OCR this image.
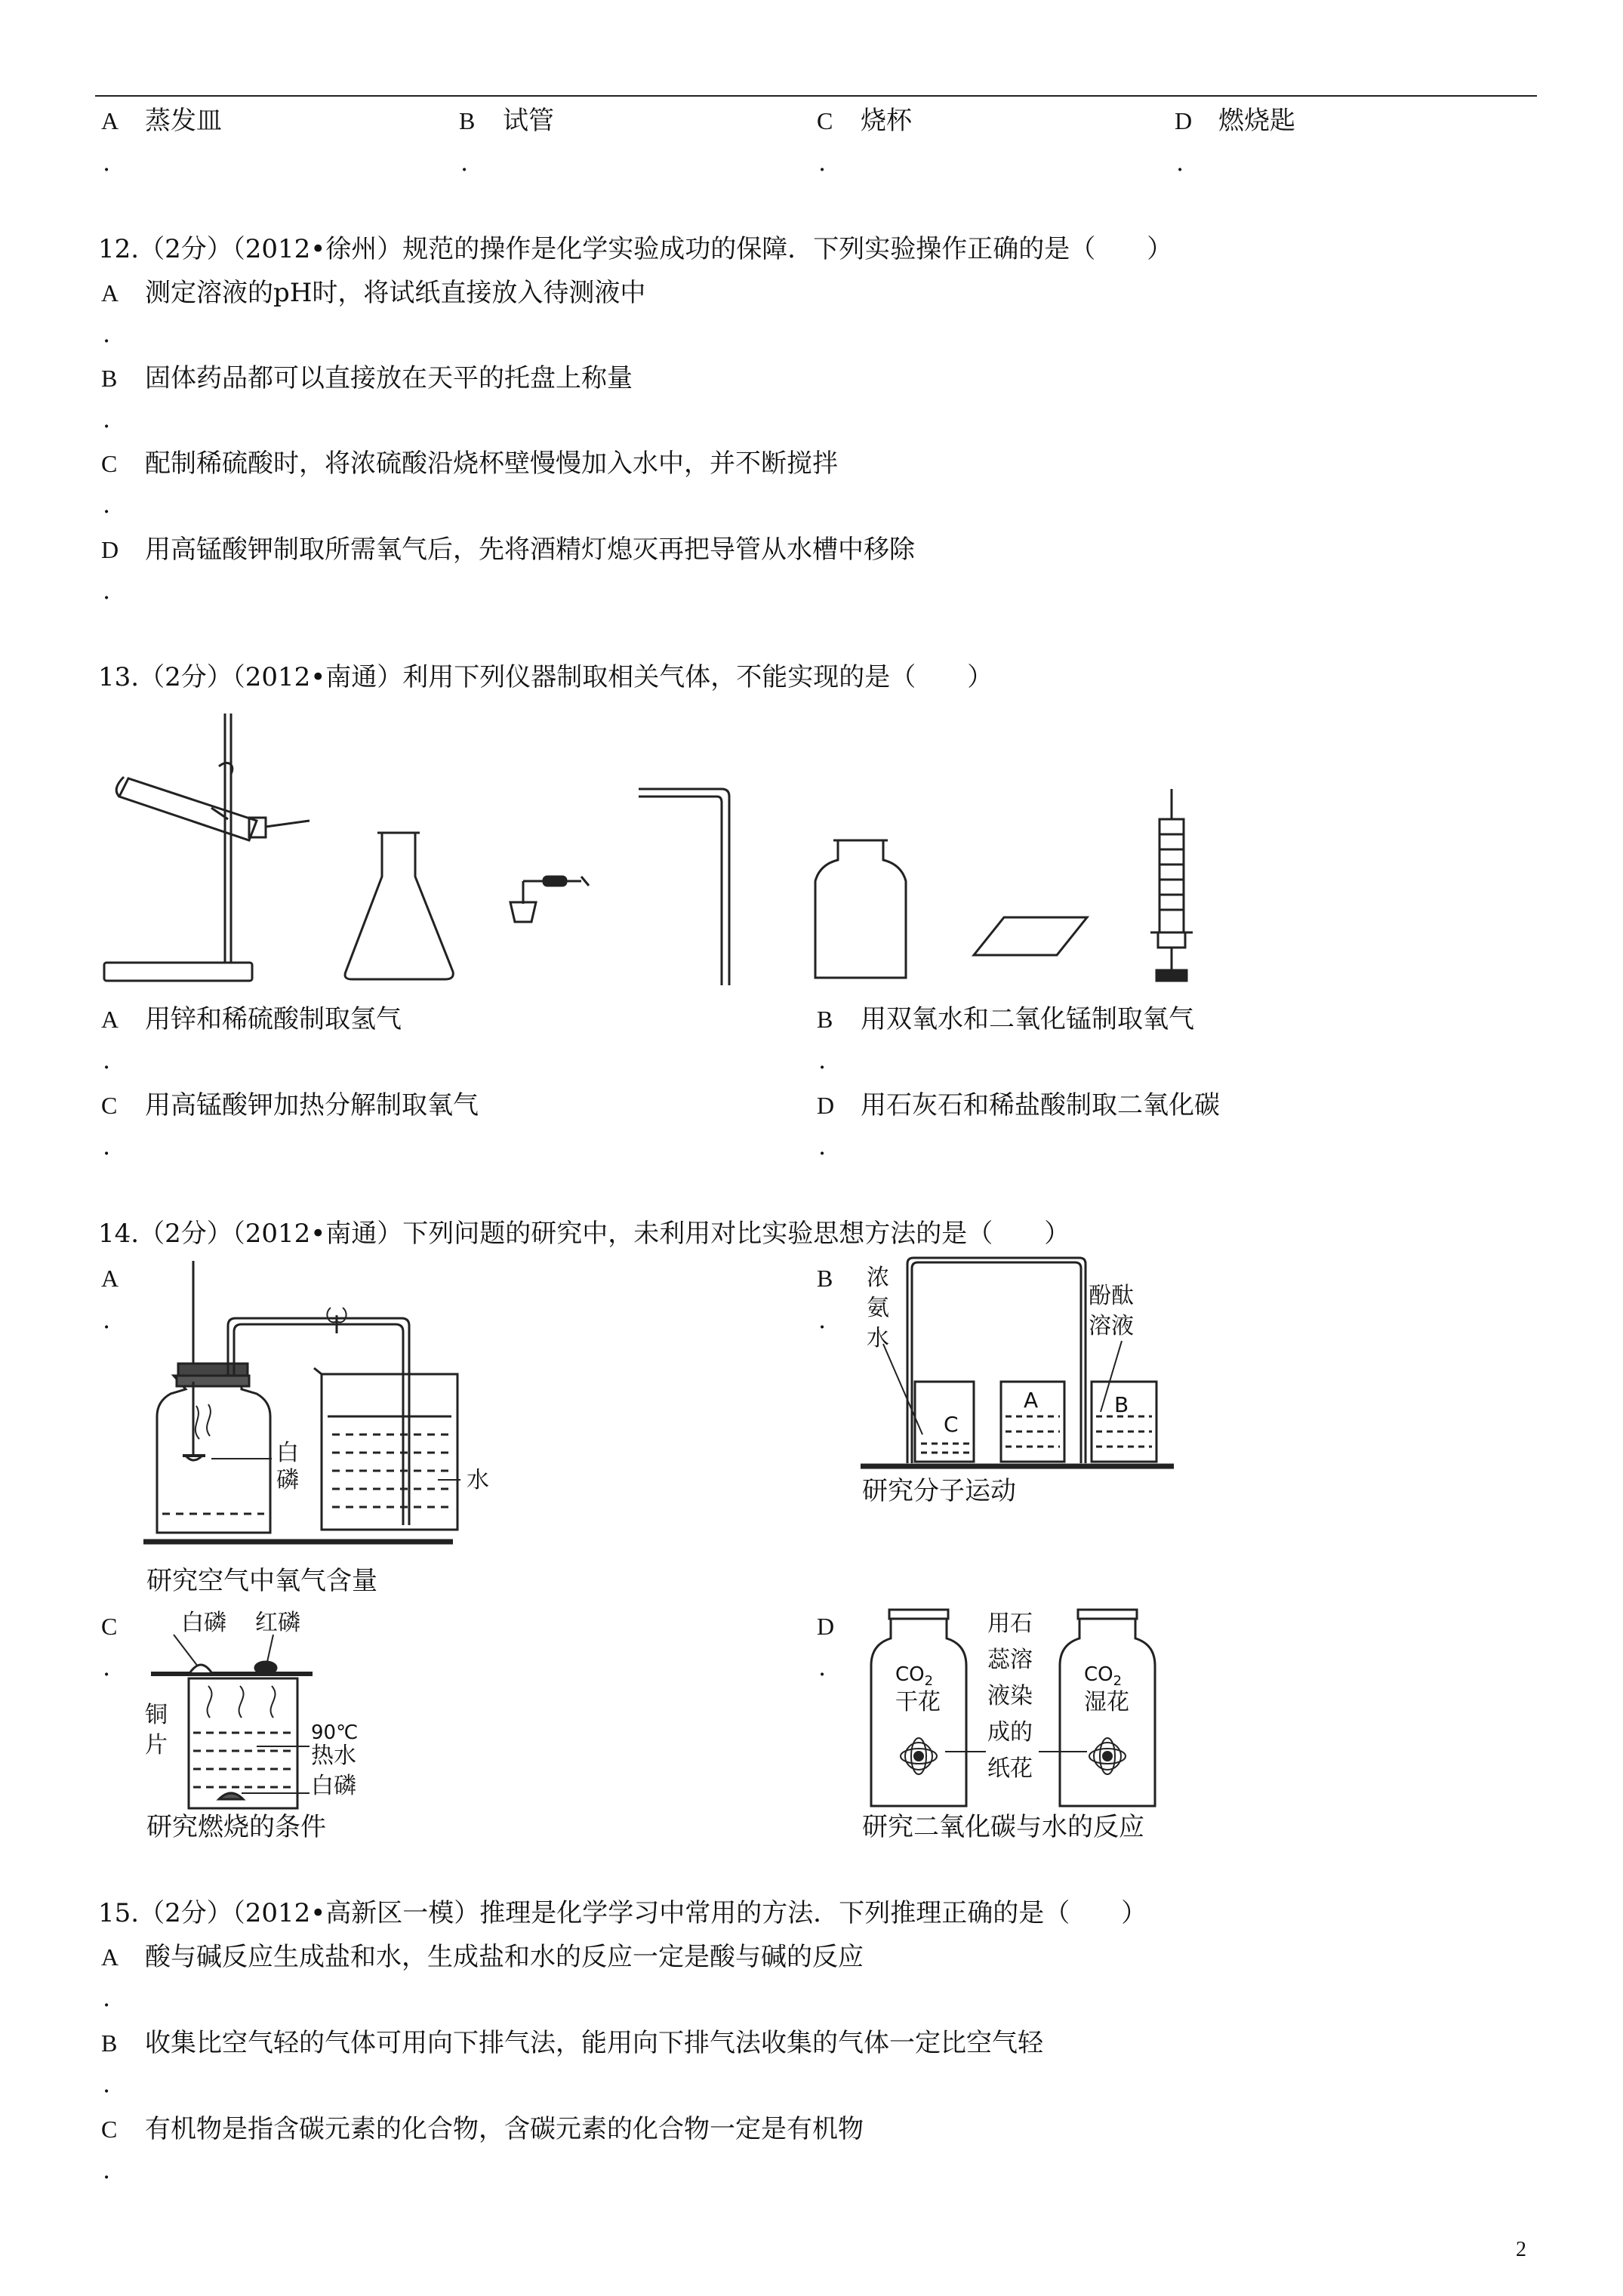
A 蒸发皿
.
B 试管
.
C 烧杯
.
D 燃烧匙
.
12.（2分）（2012•徐州）规范的操作是化学实验成功的保障．下列实验操作正确的是（　　）
A 测定溶液的pH时，将试纸直接放入待测液中
.
B 固体药品都可以直接放在天平的托盘上称量
.
C 配制稀硫酸时，将浓硫酸沿烧杯壁慢慢加入水中，并不断搅拌
.
D 用高锰酸钾制取所需氧气后，先将酒精灯熄灭再把导管从水槽中移除
.
13.（2分）（2012•南通）利用下列仪器制取相关气体，不能实现的是（　　）
A 用锌和稀硫酸制取氢气
.
B 用双氧水和二氧化锰制取氧气
.
C 用高锰酸钾加热分解制取氧气
.
D 用石灰石和稀盐酸制取二氧化碳
.
14.（2分）（2012•南通）下列问题的研究中，未利用对比实验思想方法的是（　　）
A
.
白
磷	水
研究空气中氧气含量
B
.
浓
氨
水
酚酞
溶液
C
A	B
研究分子运动
C
.
白磷 红磷
铜
片	90℃
热水
白磷
研究燃烧的条件
D
.	$CO_2$	$CO_2$
干花	湿花
用石
蕊溶
液染
成的
纸花
研究二氧化碳与水的反应
15.（2分）（2012•高新区一模）推理是化学学习中常用的方法．下列推理正确的是（　　）
A 酸与碱反应生成盐和水，生成盐和水的反应一定是酸与碱的反应
.
B 收集比空气轻的气体可用向下排气法，能用向下排气法收集的气体一定比空气轻
.
C 有机物是指含碳元素的化合物，含碳元素的化合物一定是有机物
.
2
